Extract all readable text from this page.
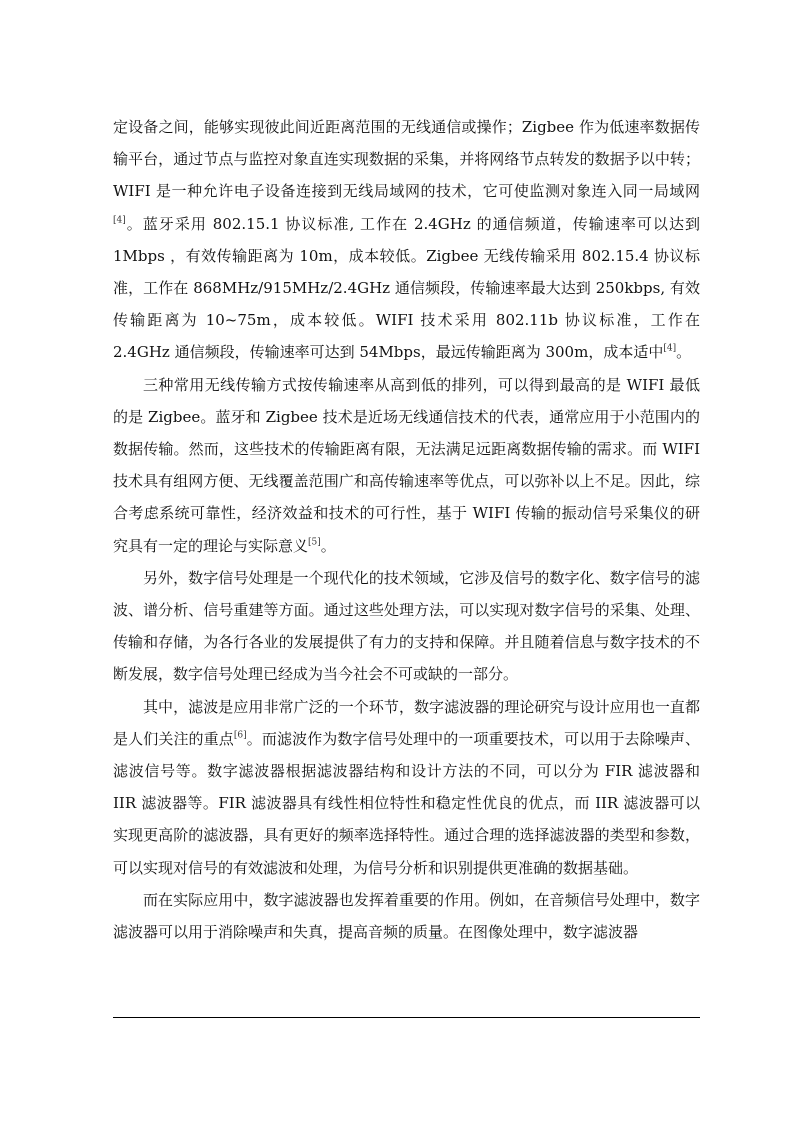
定设备之间，能够实现彼此间近距离范围的无线通信或操作；Zigbee 作为低速率数据传输平台，通过节点与监控对象直连实现数据的采集，并将网络节点转发的数据予以中转；WIFI 是一种允许电子设备连接到无线局域网的技术，它可使监测对象连入同一局域网[4]。蓝牙采用 802.15.1 协议标准, 工作在 2.4GHz 的通信频道，传输速率可以达到 1Mbps ，有效传输距离为 10m，成本较低。Zigbee 无线传输采用 802.15.4 协议标准，工作在 868MHz/915MHz/2.4GHz 通信频段，传输速率最大达到 250kbps, 有效传输距离为 10~75m，成本较低。WIFI 技术采用 802.11b 协议标准，工作在 2.4GHz 通信频段，传输速率可达到 54Mbps，最远传输距离为 300m，成本适中[4]。

三种常用无线传输方式按传输速率从高到低的排列，可以得到最高的是 WIFI 最低的是 Zigbee。蓝牙和 Zigbee 技术是近场无线通信技术的代表，通常应用于小范围内的数据传输。然而，这些技术的传输距离有限，无法满足远距离数据传输的需求。而 WIFI 技术具有组网方便、无线覆盖范围广和高传输速率等优点，可以弥补以上不足。因此，综合考虑系统可靠性，经济效益和技术的可行性，基于 WIFI 传输的振动信号采集仪的研究具有一定的理论与实际意义[5]。

另外，数字信号处理是一个现代化的技术领域，它涉及信号的数字化、数字信号的滤波、谱分析、信号重建等方面。通过这些处理方法，可以实现对数字信号的采集、处理、传输和存储，为各行各业的发展提供了有力的支持和保障。并且随着信息与数字技术的不断发展，数字信号处理已经成为当今社会不可或缺的一部分。

其中，滤波是应用非常广泛的一个环节，数字滤波器的理论研究与设计应用也一直都是人们关注的重点[6]。而滤波作为数字信号处理中的一项重要技术，可以用于去除噪声、滤波信号等。数字滤波器根据滤波器结构和设计方法的不同，可以分为 FIR 滤波器和 IIR 滤波器等。FIR 滤波器具有线性相位特性和稳定性优良的优点，而 IIR 滤波器可以实现更高阶的滤波器，具有更好的频率选择特性。通过合理的选择滤波器的类型和参数，可以实现对信号的有效滤波和处理，为信号分析和识别提供更准确的数据基础。

而在实际应用中，数字滤波器也发挥着重要的作用。例如，在音频信号处理中，数字滤波器可以用于消除噪声和失真，提高音频的质量。在图像处理中，数字滤波器
